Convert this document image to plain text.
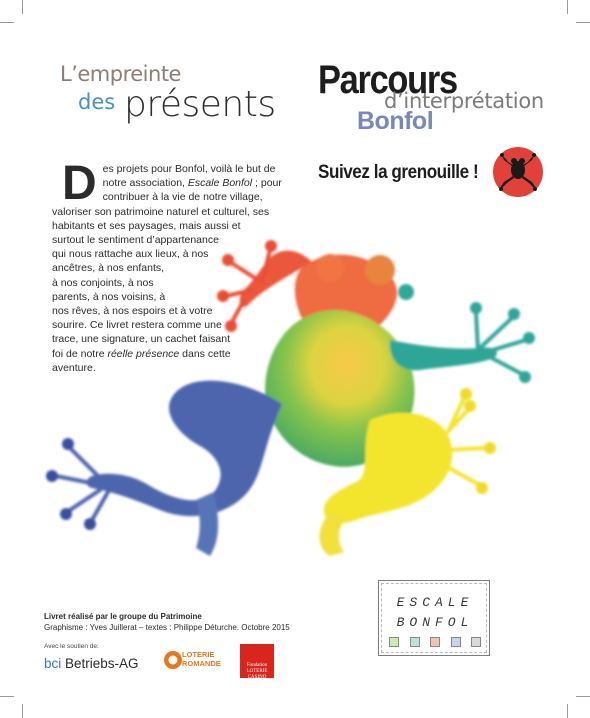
L’empreinte
des présents
Parcours
d’interprétation
Bonfol
Suivez la grenouille !
D es projets pour Bonfol, voilà le but de
notre association, Escale Bonfol ; pour
contribuer à la vie de notre village,
valoriser son patrimoine naturel et culturel, ses
habitants et ses paysages, mais aussi et
surtout le sentiment d’appartenance
qui nous rattache aux lieux, à nos
ancêtres, à nos enfants,
à nos conjoints, à nos
parents, à nos voisins, à
nos rêves, à nos espoirs et à votre
sourire. Ce livret restera comme une
trace, une signature, un cachet faisant
foi de notre réelle présence dans cette
aventure.
Livret réalisé par le groupe du Patrimoine
Graphisme : Yves Juillerat – textes : Philippe Déturche. Octobre 2015
Avec le soutien de:
bci Betriebs-AG
LOTERIE
ROMANDE	Fondation LOTERIE CASINO
ESCALE
BONFOL
